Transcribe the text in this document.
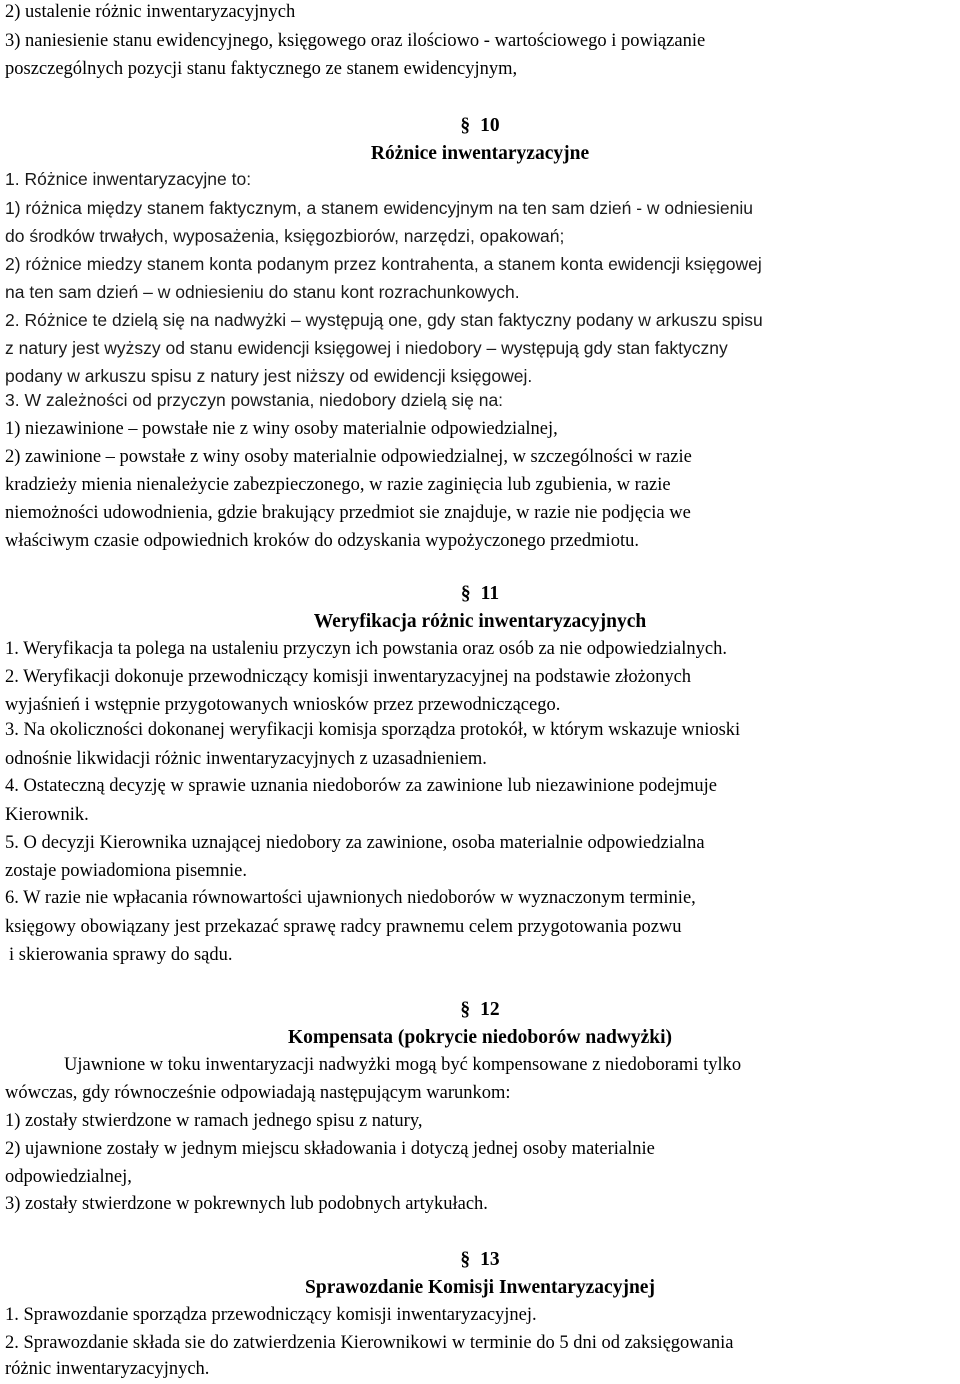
2) ustalenie różnic inwentaryzacyjnych
3) naniesienie stanu ewidencyjnego, księgowego oraz ilościowo - wartościowego i powiązanie
poszczególnych pozycji stanu faktycznego ze stanem ewidencyjnym,
§ 10
Różnice inwentaryzacyjne
1. Różnice inwentaryzacyjne to:
1) różnica między stanem faktycznym, a stanem ewidencyjnym na ten sam dzień - w odniesieniu
do środków trwałych, wyposażenia, księgozbiorów, narzędzi, opakowań;
2) różnice miedzy stanem konta podanym przez kontrahenta, a stanem konta ewidencji księgowej
na ten sam dzień – w odniesieniu do stanu kont rozrachunkowych.
2. Różnice te dzielą się na nadwyżki – występują one, gdy stan faktyczny podany w arkuszu spisu
z natury jest wyższy od stanu ewidencji księgowej i niedobory – występują gdy stan faktyczny
podany w arkuszu spisu z natury jest niższy od ewidencji księgowej.
3. W zależności od przyczyn powstania, niedobory dzielą się na:
1) niezawinione – powstałe nie z winy osoby materialnie odpowiedzialnej,
2) zawinione – powstałe z winy osoby materialnie odpowiedzialnej, w szczególności w razie
kradzieży mienia nienależycie zabezpieczonego, w razie zaginięcia lub zgubienia, w razie
niemożności udowodnienia, gdzie brakujący przedmiot sie znajduje, w razie nie podjęcia we
właściwym czasie odpowiednich kroków do odzyskania wypożyczonego przedmiotu.
§ 11
Weryfikacja różnic inwentaryzacyjnych
1. Weryfikacja ta polega na ustaleniu przyczyn ich powstania oraz osób za nie odpowiedzialnych.
2. Weryfikacji dokonuje przewodniczący komisji inwentaryzacyjnej na podstawie złożonych
wyjaśnień i wstępnie przygotowanych wniosków przez przewodniczącego.
3. Na okoliczności dokonanej weryfikacji komisja sporządza protokół, w którym wskazuje wnioski
odnośnie likwidacji różnic inwentaryzacyjnych z uzasadnieniem.
4. Ostateczną decyzję w sprawie uznania niedoborów za zawinione lub niezawinione podejmuje
Kierownik.
5. O decyzji Kierownika uznającej niedobory za zawinione, osoba materialnie odpowiedzialna
zostaje powiadomiona pisemnie.
6. W razie nie wpłacania równowartości ujawnionych niedoborów w wyznaczonym terminie,
księgowy obowiązany jest przekazać sprawę radcy prawnemu celem przygotowania pozwu
i skierowania sprawy do sądu.
§ 12
Kompensata (pokrycie niedoborów nadwyżki)
Ujawnione w toku inwentaryzacji nadwyżki mogą być kompensowane z niedoborami tylko
wówczas, gdy równocześnie odpowiadają następującym warunkom:
1) zostały stwierdzone w ramach jednego spisu z natury,
2) ujawnione zostały w jednym miejscu składowania i dotyczą jednej osoby materialnie
odpowiedzialnej,
3) zostały stwierdzone w pokrewnych lub podobnych artykułach.
§ 13
Sprawozdanie Komisji Inwentaryzacyjnej
1. Sprawozdanie sporządza przewodniczący komisji inwentaryzacyjnej.
2. Sprawozdanie składa sie do zatwierdzenia Kierownikowi w terminie do 5 dni od zaksięgowania
różnic inwentaryzacyjnych.
